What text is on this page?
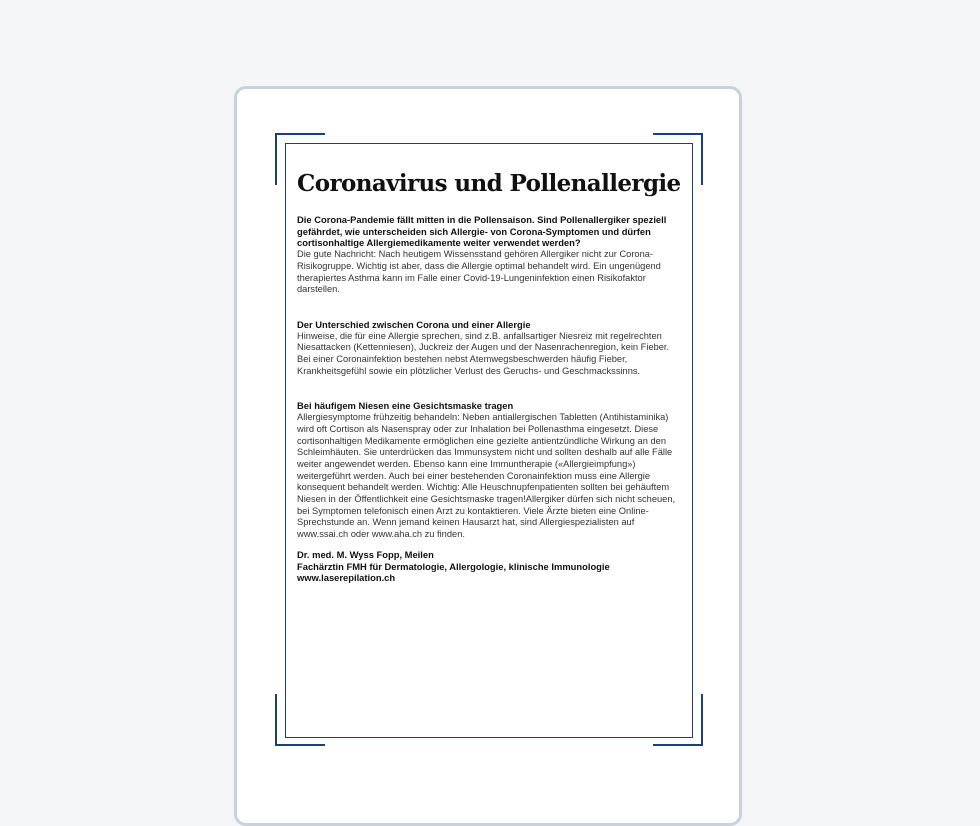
Coronavirus und Pollenallergie

Die Corona-Pandemie fällt mitten in die Pollensaison. Sind Pollenallergiker speziell gefährdet, wie unterscheiden sich Allergie- von Corona-Symptomen und dürfen cortisonhaltige Allergiemedikamente weiter verwendet werden?

Die gute Nachricht: Nach heutigem Wissensstand gehören Allergiker nicht zur Corona-Risikogruppe. Wichtig ist aber, dass die Allergie optimal behandelt wird. Ein ungenügend therapiertes Asthma kann im Falle einer Covid-19-Lungeninfektion einen Risikofaktor darstellen.

Der Unterschied zwischen Corona und einer Allergie

Hinweise, die für eine Allergie sprechen, sind z.B. anfallsartiger Niesreiz mit regelrechten Niesattacken (Kettenniesen), Juckreiz der Augen und der Nasenrachenregion, kein Fieber. Bei einer Coronainfektion bestehen nebst Atemwegsbeschwerden häufig Fieber, Krankheitsgefühl sowie ein plötzlicher Verlust des Geruchs- und Geschmackssinns.

Bei häufigem Niesen eine Gesichtsmaske tragen

Allergiesymptome frühzeitig behandeln: Neben antiallergischen Tabletten (Antihistaminika) wird oft Cortison als Nasenspray oder zur Inhalation bei Pollenasthma eingesetzt. Diese cortisonhaltigen Medikamente ermöglichen eine gezielte antientzündliche Wirkung an den Schleimhäuten. Sie unterdrücken das Immunsystem nicht und sollten deshalb auf alle Fälle weiter angewendet werden. Ebenso kann eine Immuntherapie («Allergieimpfung») weitergeführt werden. Auch bei einer bestehenden Coronainfektion muss eine Allergie konsequent behandelt werden. Wichtig: Alle Heuschnupfenpatienten sollten bei gehäuftem Niesen in der Öffentlichkeit eine Gesichtsmaske tragen!Allergiker dürfen sich nicht scheuen, bei Symptomen telefonisch einen Arzt zu kontaktieren. Viele Ärzte bieten eine Online-Sprechstunde an. Wenn jemand keinen Hausarzt hat, sind Allergiespezialisten auf www.ssai.ch oder www.aha.ch zu finden.

Dr. med. M. Wyss Fopp, Meilen

Fachärztin FMH für Dermatologie, Allergologie, klinische Immunologie

www.laserepilation.ch
